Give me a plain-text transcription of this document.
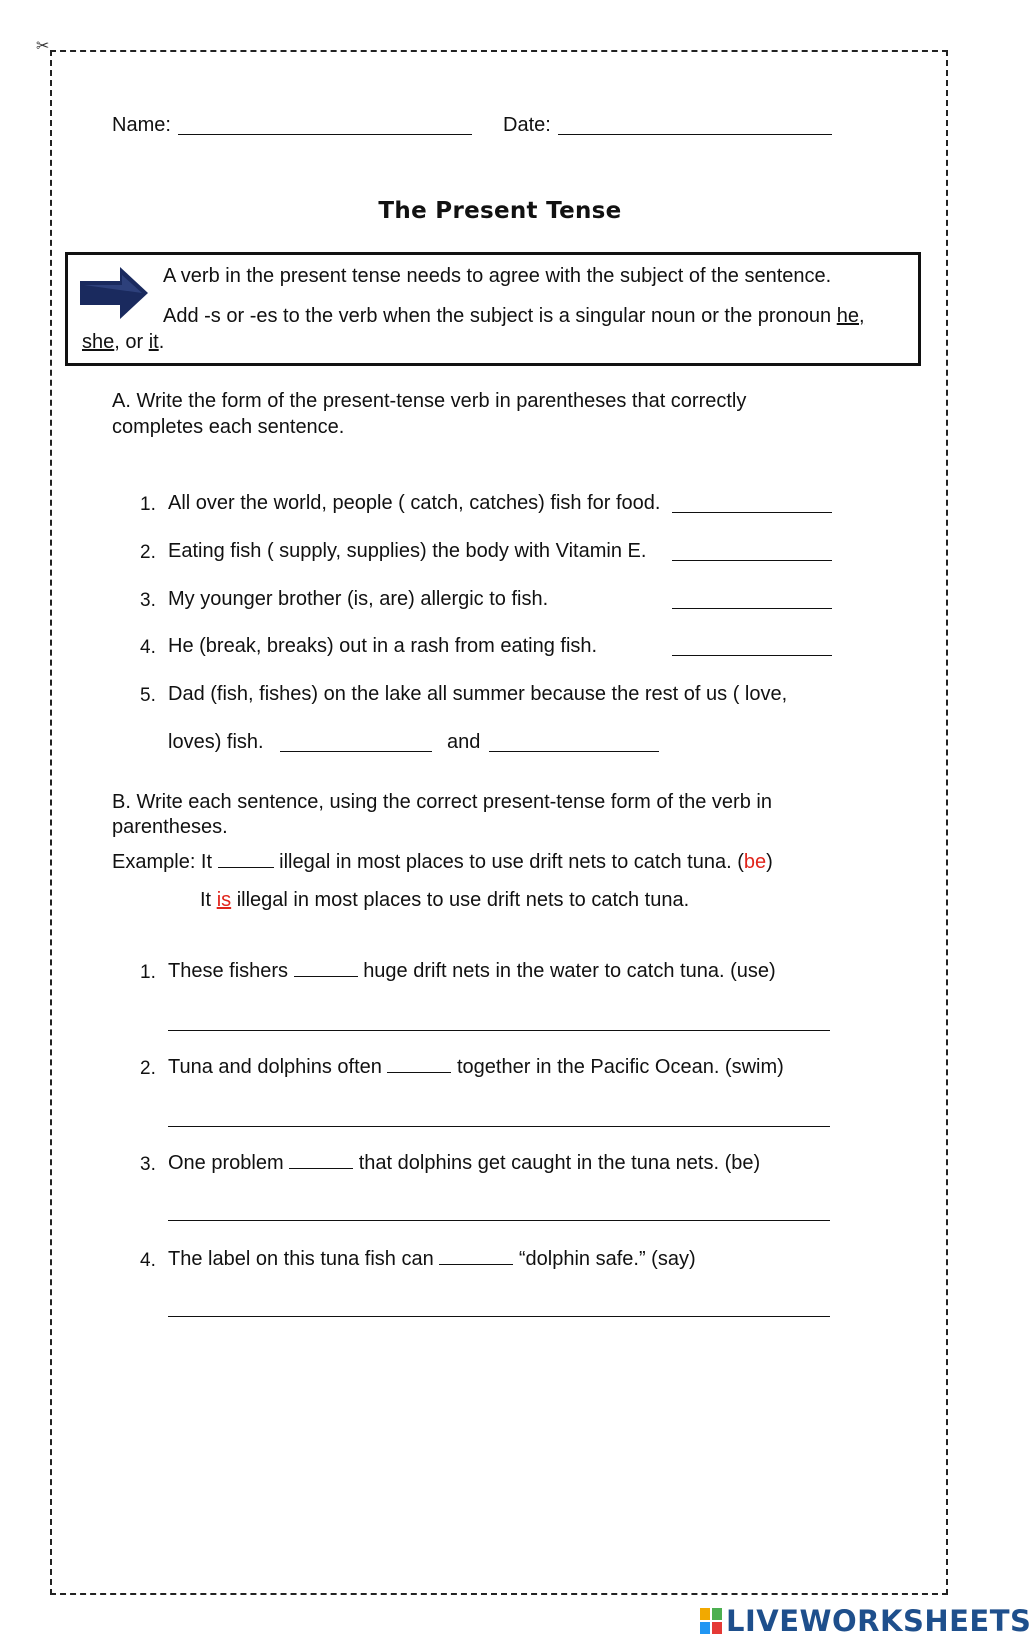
✂
Name:	Date:
The Present Tense
A verb in the present tense needs to agree with the subject of the sentence.
Add -s or -es to the verb when the subject is a singular noun or the pronoun he,
she, or it.
A. Write the form of the present-tense verb in parentheses that correctly
completes each sentence.
1. All over the world, people ( catch, catches) fish for food.
2. Eating fish ( supply, supplies) the body with Vitamin E.
3. My younger brother (is, are) allergic to fish.
4. He (break, breaks) out in a rash from eating fish.
5. Dad (fish, fishes) on the lake all summer because the rest of us ( love,
loves) fish.	and
B. Write each sentence, using the correct present-tense form of the verb in
parentheses.
Example: It	illegal in most places to use drift nets to catch tuna. (be)
It is illegal in most places to use drift nets to catch tuna.
1. These fishers	huge drift nets in the water to catch tuna. (use)
2. Tuna and dolphins often	together in the Pacific Ocean. (swim)
3. One problem	that dolphins get caught in the tuna nets. (be)
4. The label on this tuna fish can	“dolphin safe.” (say)
LIVEWORKSHEETS
